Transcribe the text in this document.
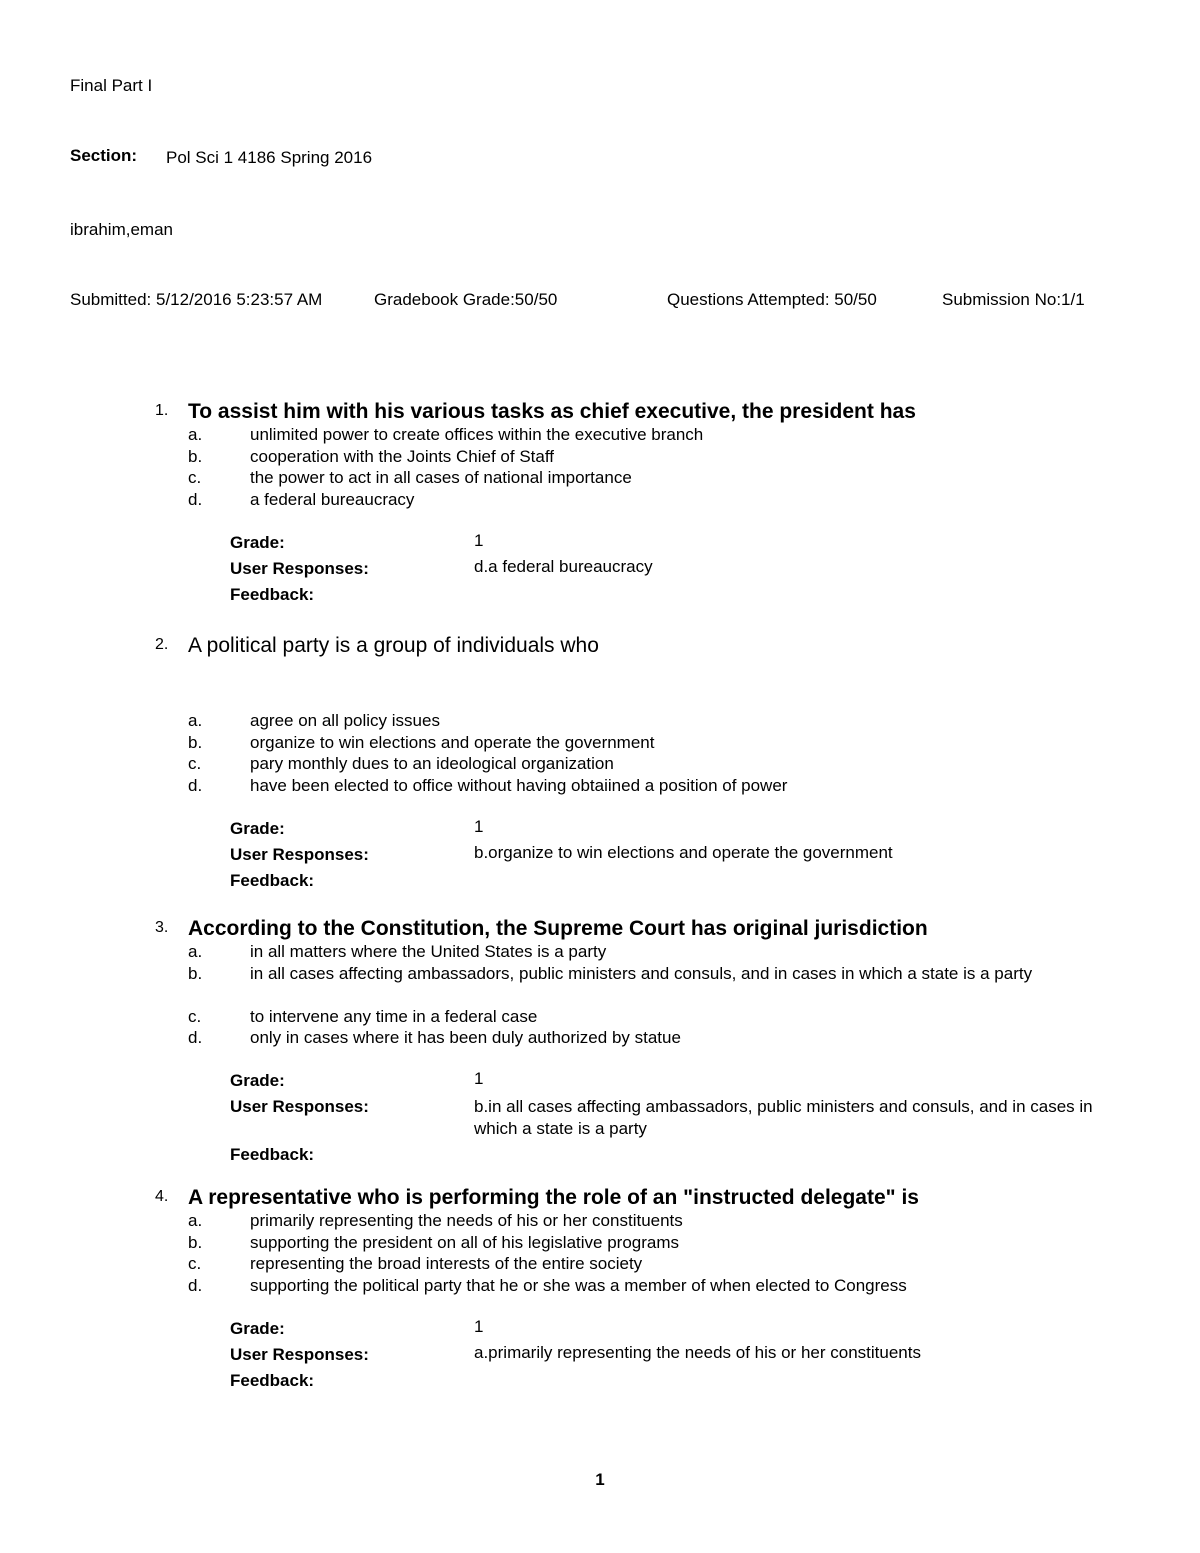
Final Part I
Section: Pol Sci 1 4186 Spring 2016
ibrahim,eman
Submitted: 5/12/2016 5:23:57 AM	Gradebook Grade:50/50	Questions Attempted: 50/50	Submission No:1/1
1. To assist him with his various tasks as chief executive, the president has
a.	unlimited power to create offices within the executive branch
b.	cooperation with the Joints Chief of Staff
c.	the power to act in all cases of national importance
d.	a federal bureaucracy
Grade:	1
User Responses:	d.a federal bureaucracy
Feedback:
2. A political party is a group of individuals who
a.	agree on all policy issues
b.	organize to win elections and operate the government
c.	pary monthly dues to an ideological organization
d.	have been elected to office without having obtaiined a position of power
Grade:	1
User Responses:	b.organize to win elections and operate the government
Feedback:
3. According to the Constitution, the Supreme Court has original jurisdiction
a.	in all matters where the United States is a party
b.	in all cases affecting ambassadors, public ministers and consuls, and in cases in which a state is a party
c.	to intervene any time in a federal case
d.	only in cases where it has been duly authorized by statue
Grade:	1
User Responses:	b.in all cases affecting ambassadors, public ministers and consuls, and in cases in which a state is a party
Feedback:
4. A representative who is performing the role of an "instructed delegate" is
a.	primarily representing the needs of his or her constituents
b.	supporting the president on all of his legislative programs
c.	representing the broad interests of the entire society
d.	supporting the political party that he or she was a member of when elected to Congress
Grade:	1
User Responses:	a.primarily representing the needs of his or her constituents
Feedback:
1
